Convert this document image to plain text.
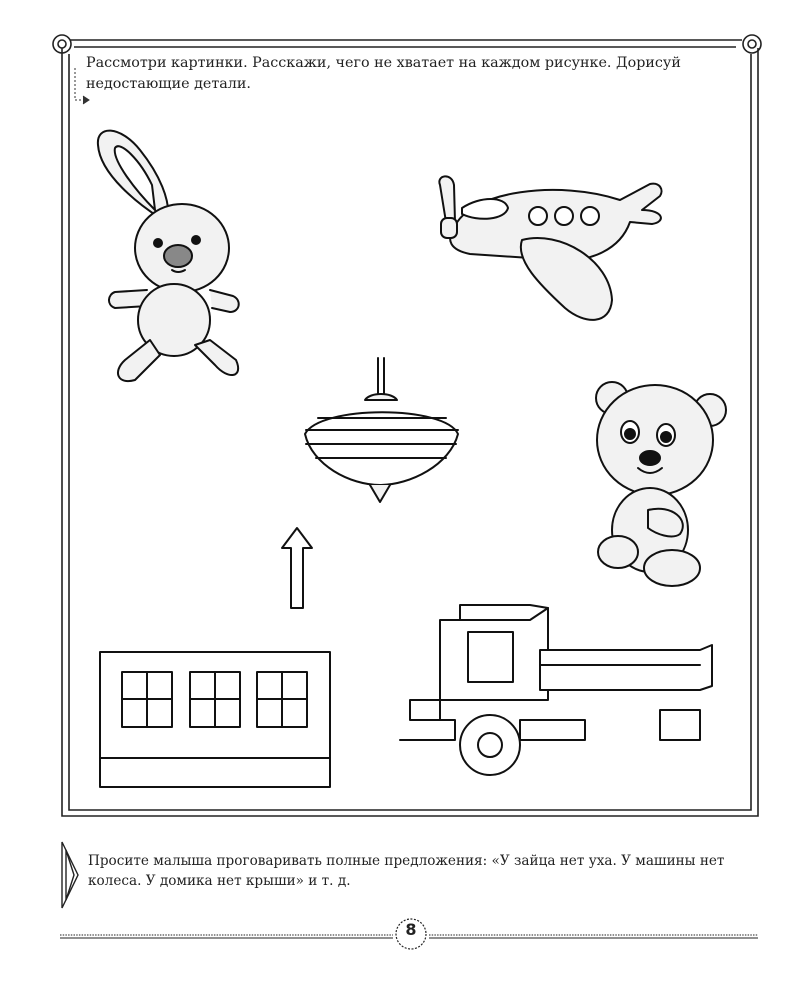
Рассмотри картинки. Расскажи, чего не хватает на каждом рисунке. Дорисуй недостающие детали.

Просите малыша проговаривать полные предложения: «У зайца нет уха. У машины нет колеса. У домика нет крыши» и т. д.

8
